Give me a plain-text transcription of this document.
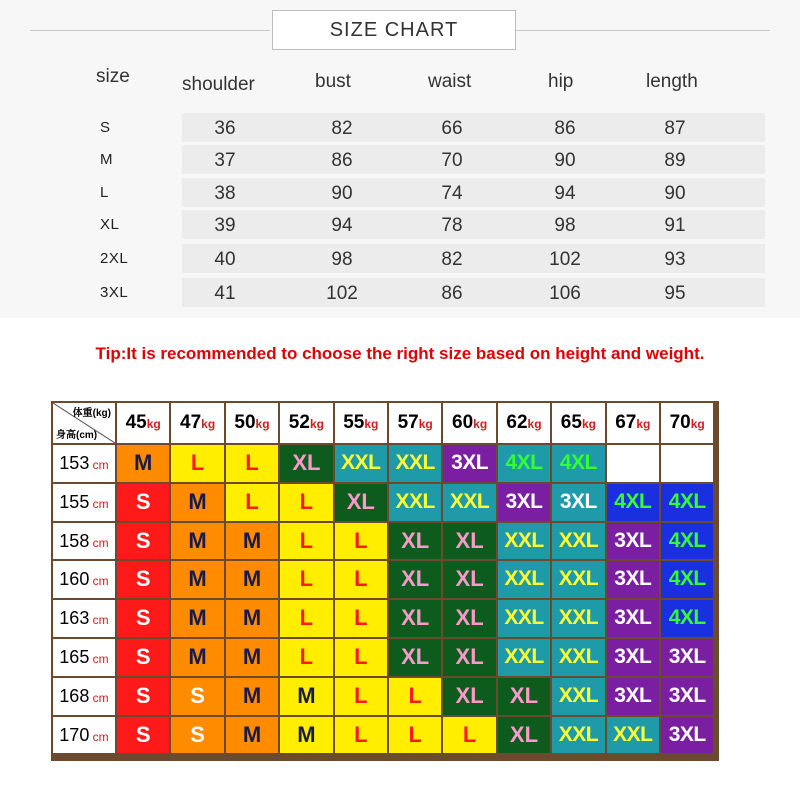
SIZE CHART
size	shoulder	bust	waist	hip	length
S	36	82	66	86	87
M	37	86	70	90	89
L	38	90	74	94	90
XL	39	94	78	98	91
2XL	40	98	82	102	93
3XL	41	102	86	106	95
Tip:It is recommended to choose the right size based on height and weight.
体重(kg)
身高(cm)
45kg	47kg	50kg	52kg	55kg	57kg	60kg	62kg	65kg	67kg	70kg
153 cm	M	L	L	XL XXL XXL 3XL 4XL 4XL
155 cm	S	M	L	L	XL XXL XXL 3XL 3XL 4XL 4XL
158 cm	S	M	M	L	L	XL	XL XXL XXL 3XL 4XL
160 cm	S	M	M	L	L	XL	XL XXL XXL 3XL 4XL
163 cm	S	M	M	L	L	XL	XL XXL XXL 3XL 4XL
165 cm	S	M	M	L	L	XL	XL XXL XXL 3XL 3XL
168 cm	S	S	M	M	L	L	XL	XL XXL 3XL 3XL
170 cm	S	S	M	M	L	L	L	XL XXL XXL 3XL
